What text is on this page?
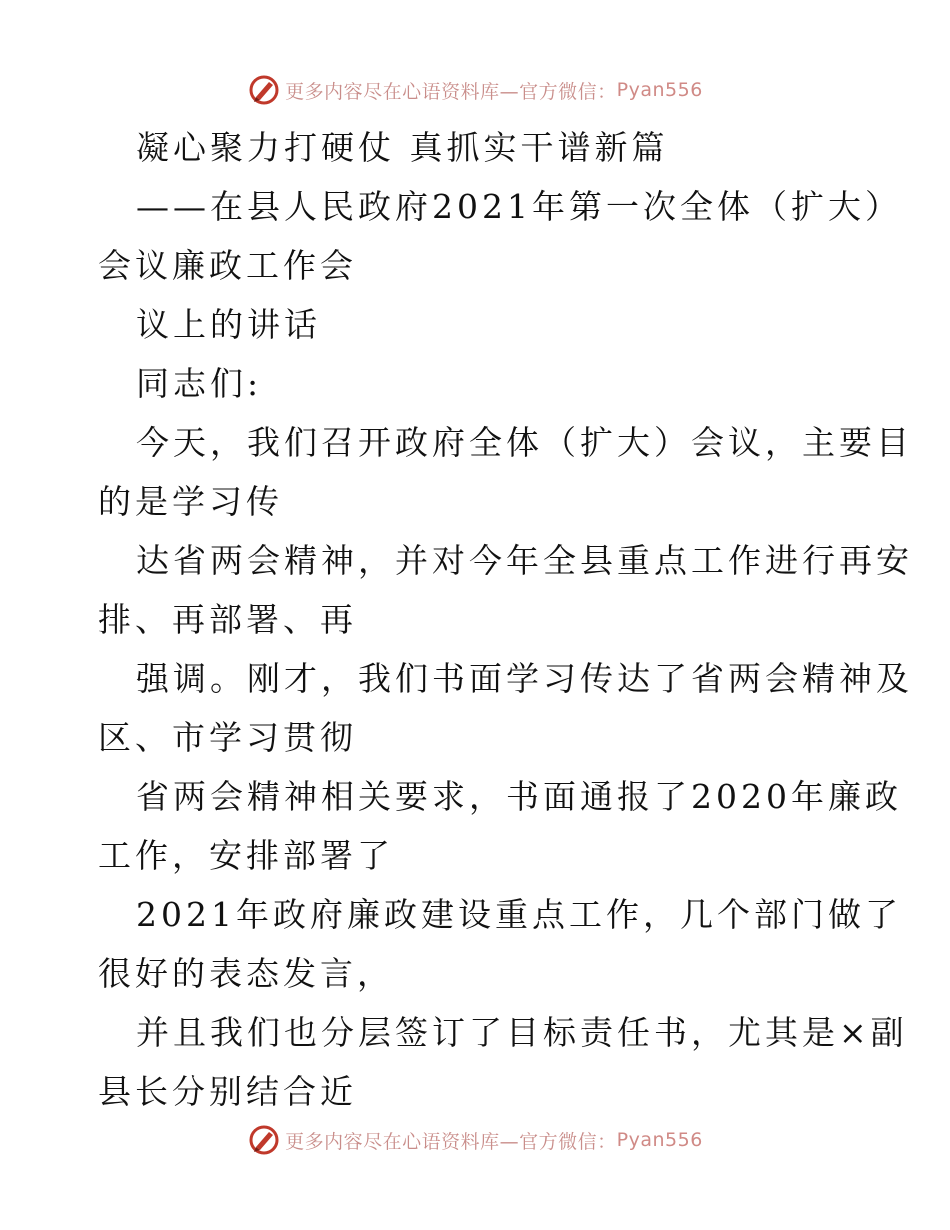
更多内容尽在心语资料库—官方微信： Pyan556
凝心聚力打硬仗 真抓实干谱新篇
——在县人民政府2021年第一次全体（扩大）
会议廉政工作会
议上的讲话
同志们:
今天，我们召开政府全体（扩大）会议，主要目
的是学习传
达省两会精神，并对今年全县重点工作进行再安
排、再部署、再
强调。刚才，我们书面学习传达了省两会精神及
区、市学习贯彻
省两会精神相关要求，书面通报了2020年廉政
工作，安排部署了
2021年政府廉政建设重点工作，几个部门做了
很好的表态发言，
并且我们也分层签订了目标责任书，尤其是×副
县长分别结合近
更多内容尽在心语资料库—官方微信： Pyan556
